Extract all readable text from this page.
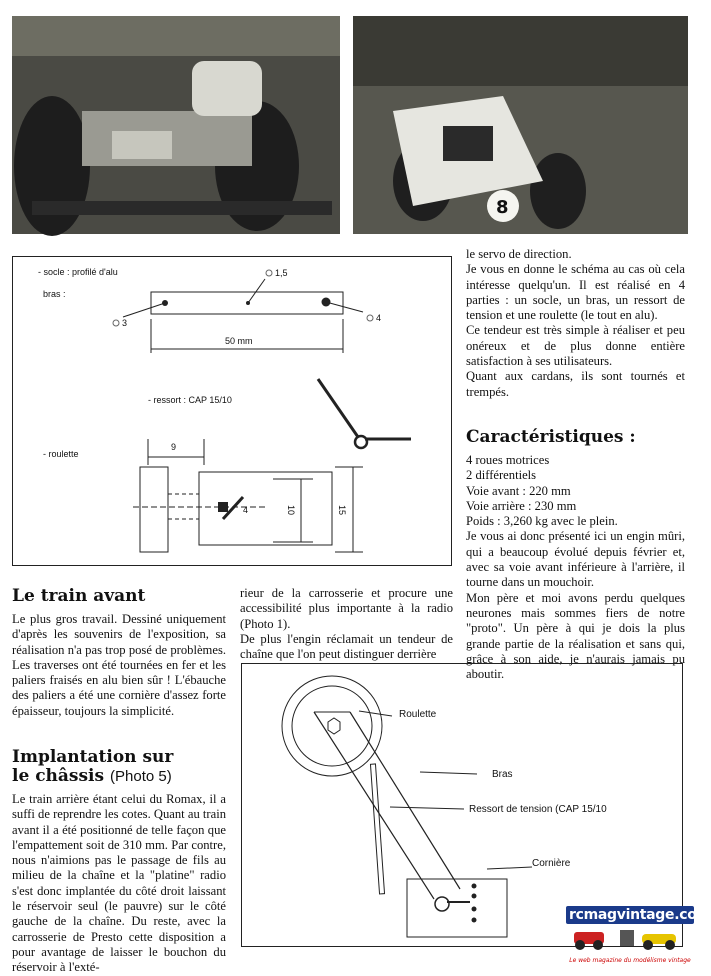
8
- socle : profilé d'alu
bras :
1,5
3	4
50 mm
- ressort : CAP 15/10
- roulette
9
4	10	15

le servo de direction.

Je vous en donne le schéma au cas où cela intéresse quelqu'un. Il est réalisé en 4 parties : un socle, un bras, un ressort de tension et une roulette (le tout en alu).

Ce tendeur est très simple à réaliser et peu onéreux et de plus donne entière satisfaction à ses utilisateurs.

Quant aux cardans, ils sont tournés et trempés.

Caractéristiques :

4 roues motrices

2 différentiels

Voie avant : 220 mm

Voie arrière : 230 mm

Poids : 3,260 kg avec le plein.

Je vous ai donc présenté ici un engin mûri, qui a beaucoup évolué depuis février et, avec sa voie avant inférieure à l'arrière, il tourne dans un mouchoir.

Mon père et moi avons perdu quelques neurones mais sommes fiers de notre "proto". Un père à qui je dois la plus grande partie de la réalisation et sans qui, grâce à son aide, je n'aurais jamais pu aboutir.

Le train avant
Le plus gros travail. Dessiné uniquement d'après les souvenirs de l'exposition, sa réalisation n'a pas trop posé de problèmes. Les traverses ont été tournées en fer et les paliers fraisés en alu bien sûr ! L'ébauche des paliers a été une cornière d'assez forte épaisseur, toujours la simplicité.
Implantation sur
le châssis (Photo 5)
Le train arrière étant celui du Romax, il a suffi de reprendre les cotes. Quant au train avant il a été positionné de telle façon que l'empattement soit de 310 mm. Par contre, nous n'aimions pas le passage de fils au milieu de la chaîne et la "platine" radio s'est donc implantée du côté droit laissant le réservoir seul (le pauvre) sur le côté gauche de la chaîne. Du reste, avec la carrosserie de Presto cette disposition a pour avantage de laisser le bouchon du réservoir à l'exté-

rieur de la carrosserie et procure une accessibilité plus importante à la radio (Photo 1).

De plus l'engin réclamait un tendeur de chaîne que l'on peut distinguer derrière

Roulette
Bras
Ressort de tension (CAP 15/10
Cornière
rcmagvintage.com
Le web magazine du modélisme vintage
